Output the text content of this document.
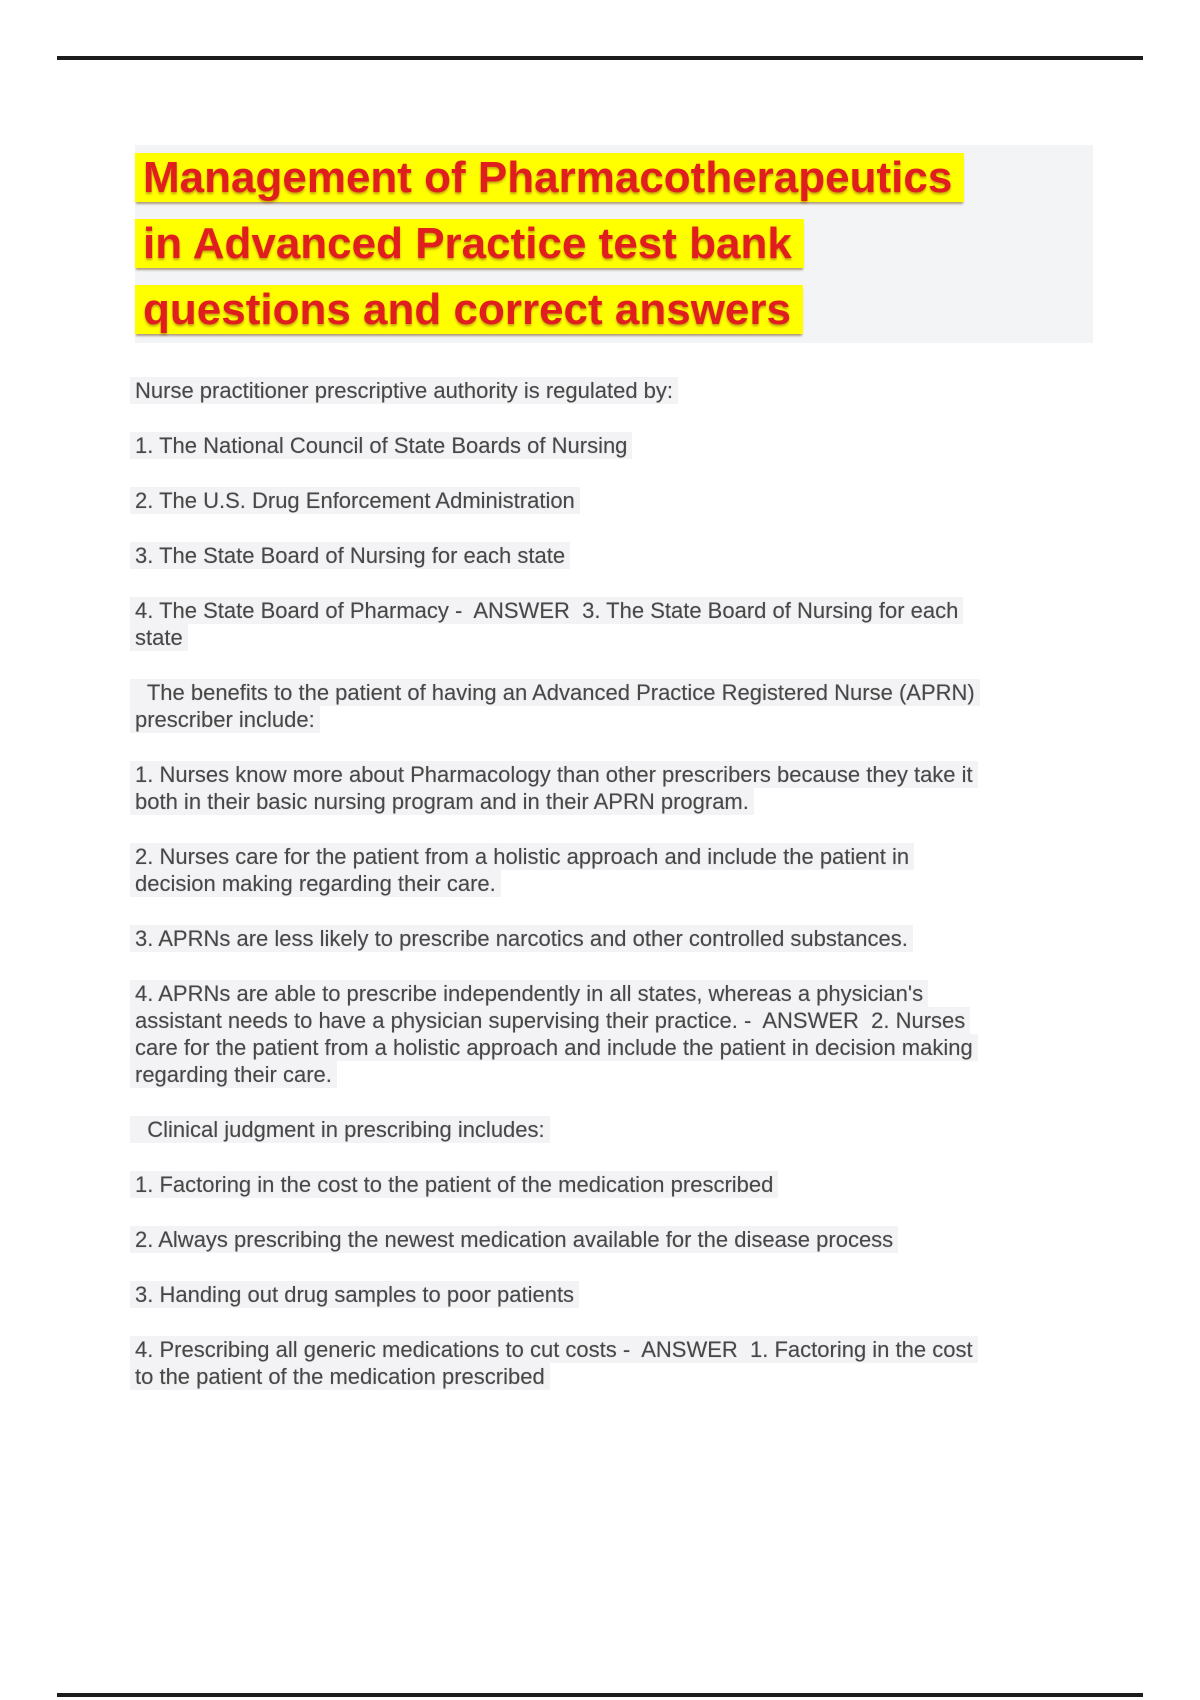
Management of Pharmacotherapeutics
in Advanced Practice test bank
questions and correct answers

Nurse practitioner prescriptive authority is regulated by:

1. The National Council of State Boards of Nursing

2. The U.S. Drug Enforcement Administration

3. The State Board of Nursing for each state

4. The State Board of Pharmacy -  ANSWER  3. The State Board of Nursing for each
state

The benefits to the patient of having an Advanced Practice Registered Nurse (APRN)
prescriber include:

1. Nurses know more about Pharmacology than other prescribers because they take it
both in their basic nursing program and in their APRN program.

2. Nurses care for the patient from a holistic approach and include the patient in
decision making regarding their care.

3. APRNs are less likely to prescribe narcotics and other controlled substances.

4. APRNs are able to prescribe independently in all states, whereas a physician's
assistant needs to have a physician supervising their practice. -  ANSWER  2. Nurses
care for the patient from a holistic approach and include the patient in decision making
regarding their care.

Clinical judgment in prescribing includes:

1. Factoring in the cost to the patient of the medication prescribed

2. Always prescribing the newest medication available for the disease process

3. Handing out drug samples to poor patients

4. Prescribing all generic medications to cut costs -  ANSWER  1. Factoring in the cost
to the patient of the medication prescribed
